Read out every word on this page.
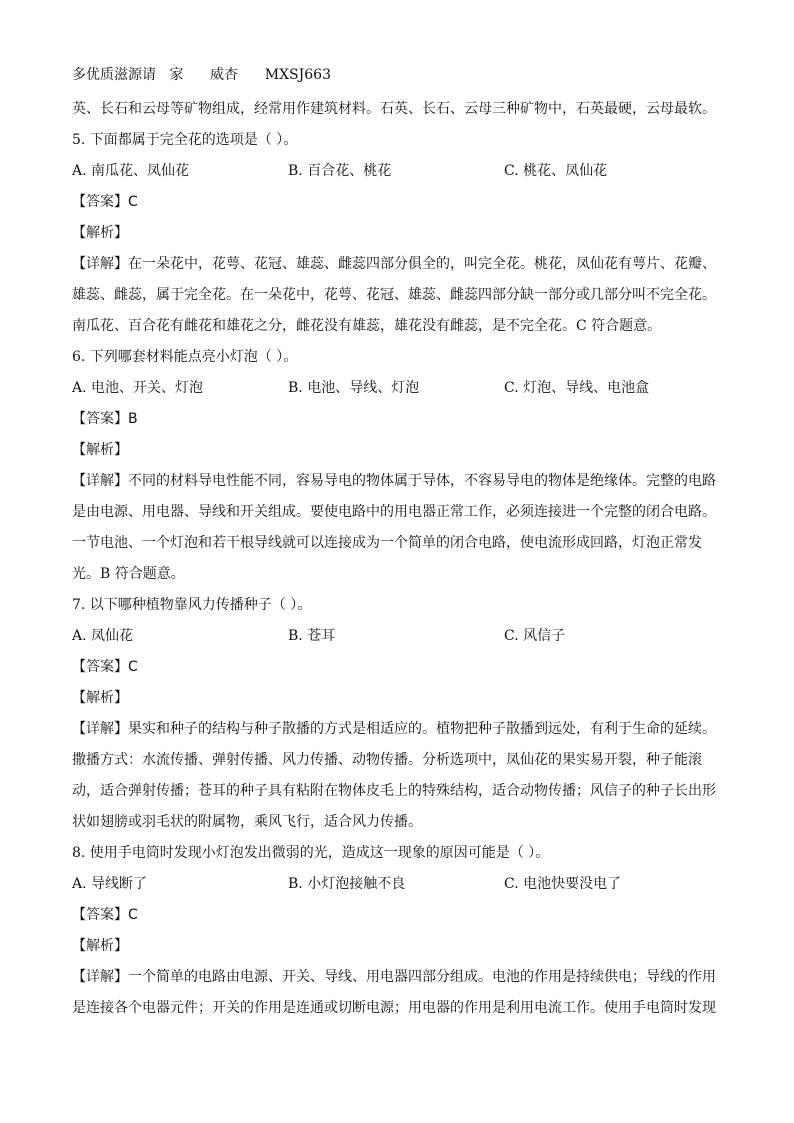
多优质滋源请   家      威杏      MXSJ663
英、长石和云母等矿物组成，经常用作建筑材料。石英、长石、云母三种矿物中，石英最硬，云母最软。
5. 下面都属于完全花的选项是（ ）。
A. 南瓜花、凤仙花	B. 百合花、桃花	C. 桃花、凤仙花
【答案】C
【解析】
【详解】在一朵花中，花萼、花冠、雄蕊、雌蕊四部分俱全的，叫完全花。桃花，凤仙花有萼片、花瓣、
雄蕊、雌蕊，属于完全花。在一朵花中，花萼、花冠、雄蕊、雌蕊四部分缺一部分或几部分叫不完全花。
南瓜花、百合花有雌花和雄花之分，雌花没有雄蕊，雄花没有雌蕊，是不完全花。C 符合题意。
6. 下列哪套材料能点亮小灯泡（ ）。
A. 电池、开关、灯泡	B. 电池、导线、灯泡	C. 灯泡、导线、电池盒
【答案】B
【解析】
【详解】不同的材料导电性能不同，容易导电的物体属于导体，不容易导电的物体是绝缘体。完整的电路
是由电源、用电器、导线和开关组成。要使电路中的用电器正常工作，必须连接进一个完整的闭合电路。
一节电池、一个灯泡和若干根导线就可以连接成为一个简单的闭合电路，使电流形成回路，灯泡正常发
光。B 符合题意。
7. 以下哪种植物靠风力传播种子（ ）。
A. 凤仙花	B. 苍耳	C. 风信子
【答案】C
【解析】
【详解】果实和种子的结构与种子散播的方式是相适应的。植物把种子散播到远处，有利于生命的延续。
撒播方式：水流传播、弹射传播、风力传播、动物传播。分析选项中，凤仙花的果实易开裂，种子能滚
动，适合弹射传播；苍耳的种子具有粘附在物体皮毛上的特殊结构，适合动物传播；风信子的种子长出形
状如翅膀或羽毛状的附属物，乘风飞行，适合风力传播。
8. 使用手电筒时发现小灯泡发出微弱的光，造成这一现象的原因可能是（ ）。
A. 导线断了	B. 小灯泡接触不良	C. 电池快要没电了
【答案】C
【解析】
【详解】一个简单的电路由电源、开关、导线、用电器四部分组成。电池的作用是持续供电；导线的作用
是连接各个电器元件；开关的作用是连通或切断电源；用电器的作用是利用电流工作。使用手电筒时发现
